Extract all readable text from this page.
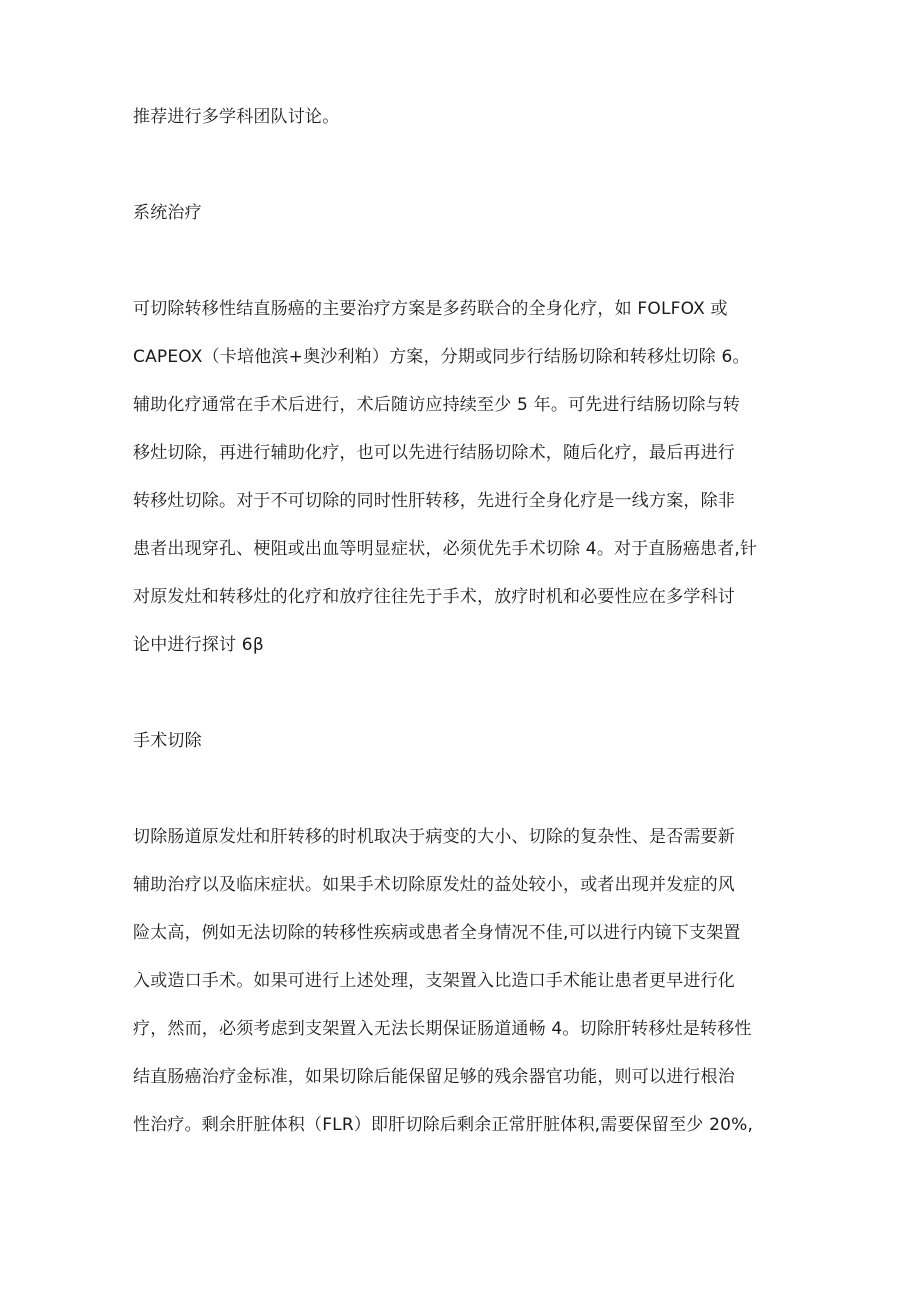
推荐进行多学科团队讨论。
系统治疗
可切除转移性结直肠癌的主要治疗方案是多药联合的全身化疗，如 FOLFOX 或
CAPEOX（卡培他滨+奥沙利粕）方案，分期或同步行结肠切除和转移灶切除 6。
辅助化疗通常在手术后进行，术后随访应持续至少 5 年。可先进行结肠切除与转
移灶切除，再进行辅助化疗，也可以先进行结肠切除术，随后化疗，最后再进行
转移灶切除。对于不可切除的同时性肝转移，先进行全身化疗是一线方案，除非
患者出现穿孔、梗阻或出血等明显症状，必须优先手术切除 4。对于直肠癌患者,针
对原发灶和转移灶的化疗和放疗往往先于手术，放疗时机和必要性应在多学科讨
论中进行探讨 6β
手术切除
切除肠道原发灶和肝转移的时机取决于病变的大小、切除的复杂性、是否需要新
辅助治疗以及临床症状。如果手术切除原发灶的益处较小，或者出现并发症的风
险太高，例如无法切除的转移性疾病或患者全身情况不佳,可以进行内镜下支架置
入或造口手术。如果可进行上述处理，支架置入比造口手术能让患者更早进行化
疗，然而，必须考虑到支架置入无法长期保证肠道通畅 4。切除肝转移灶是转移性
结直肠癌治疗金标准，如果切除后能保留足够的残余器官功能，则可以进行根治
性治疗。剩余肝脏体积（FLR）即肝切除后剩余正常肝脏体积,需要保留至少 20%,
